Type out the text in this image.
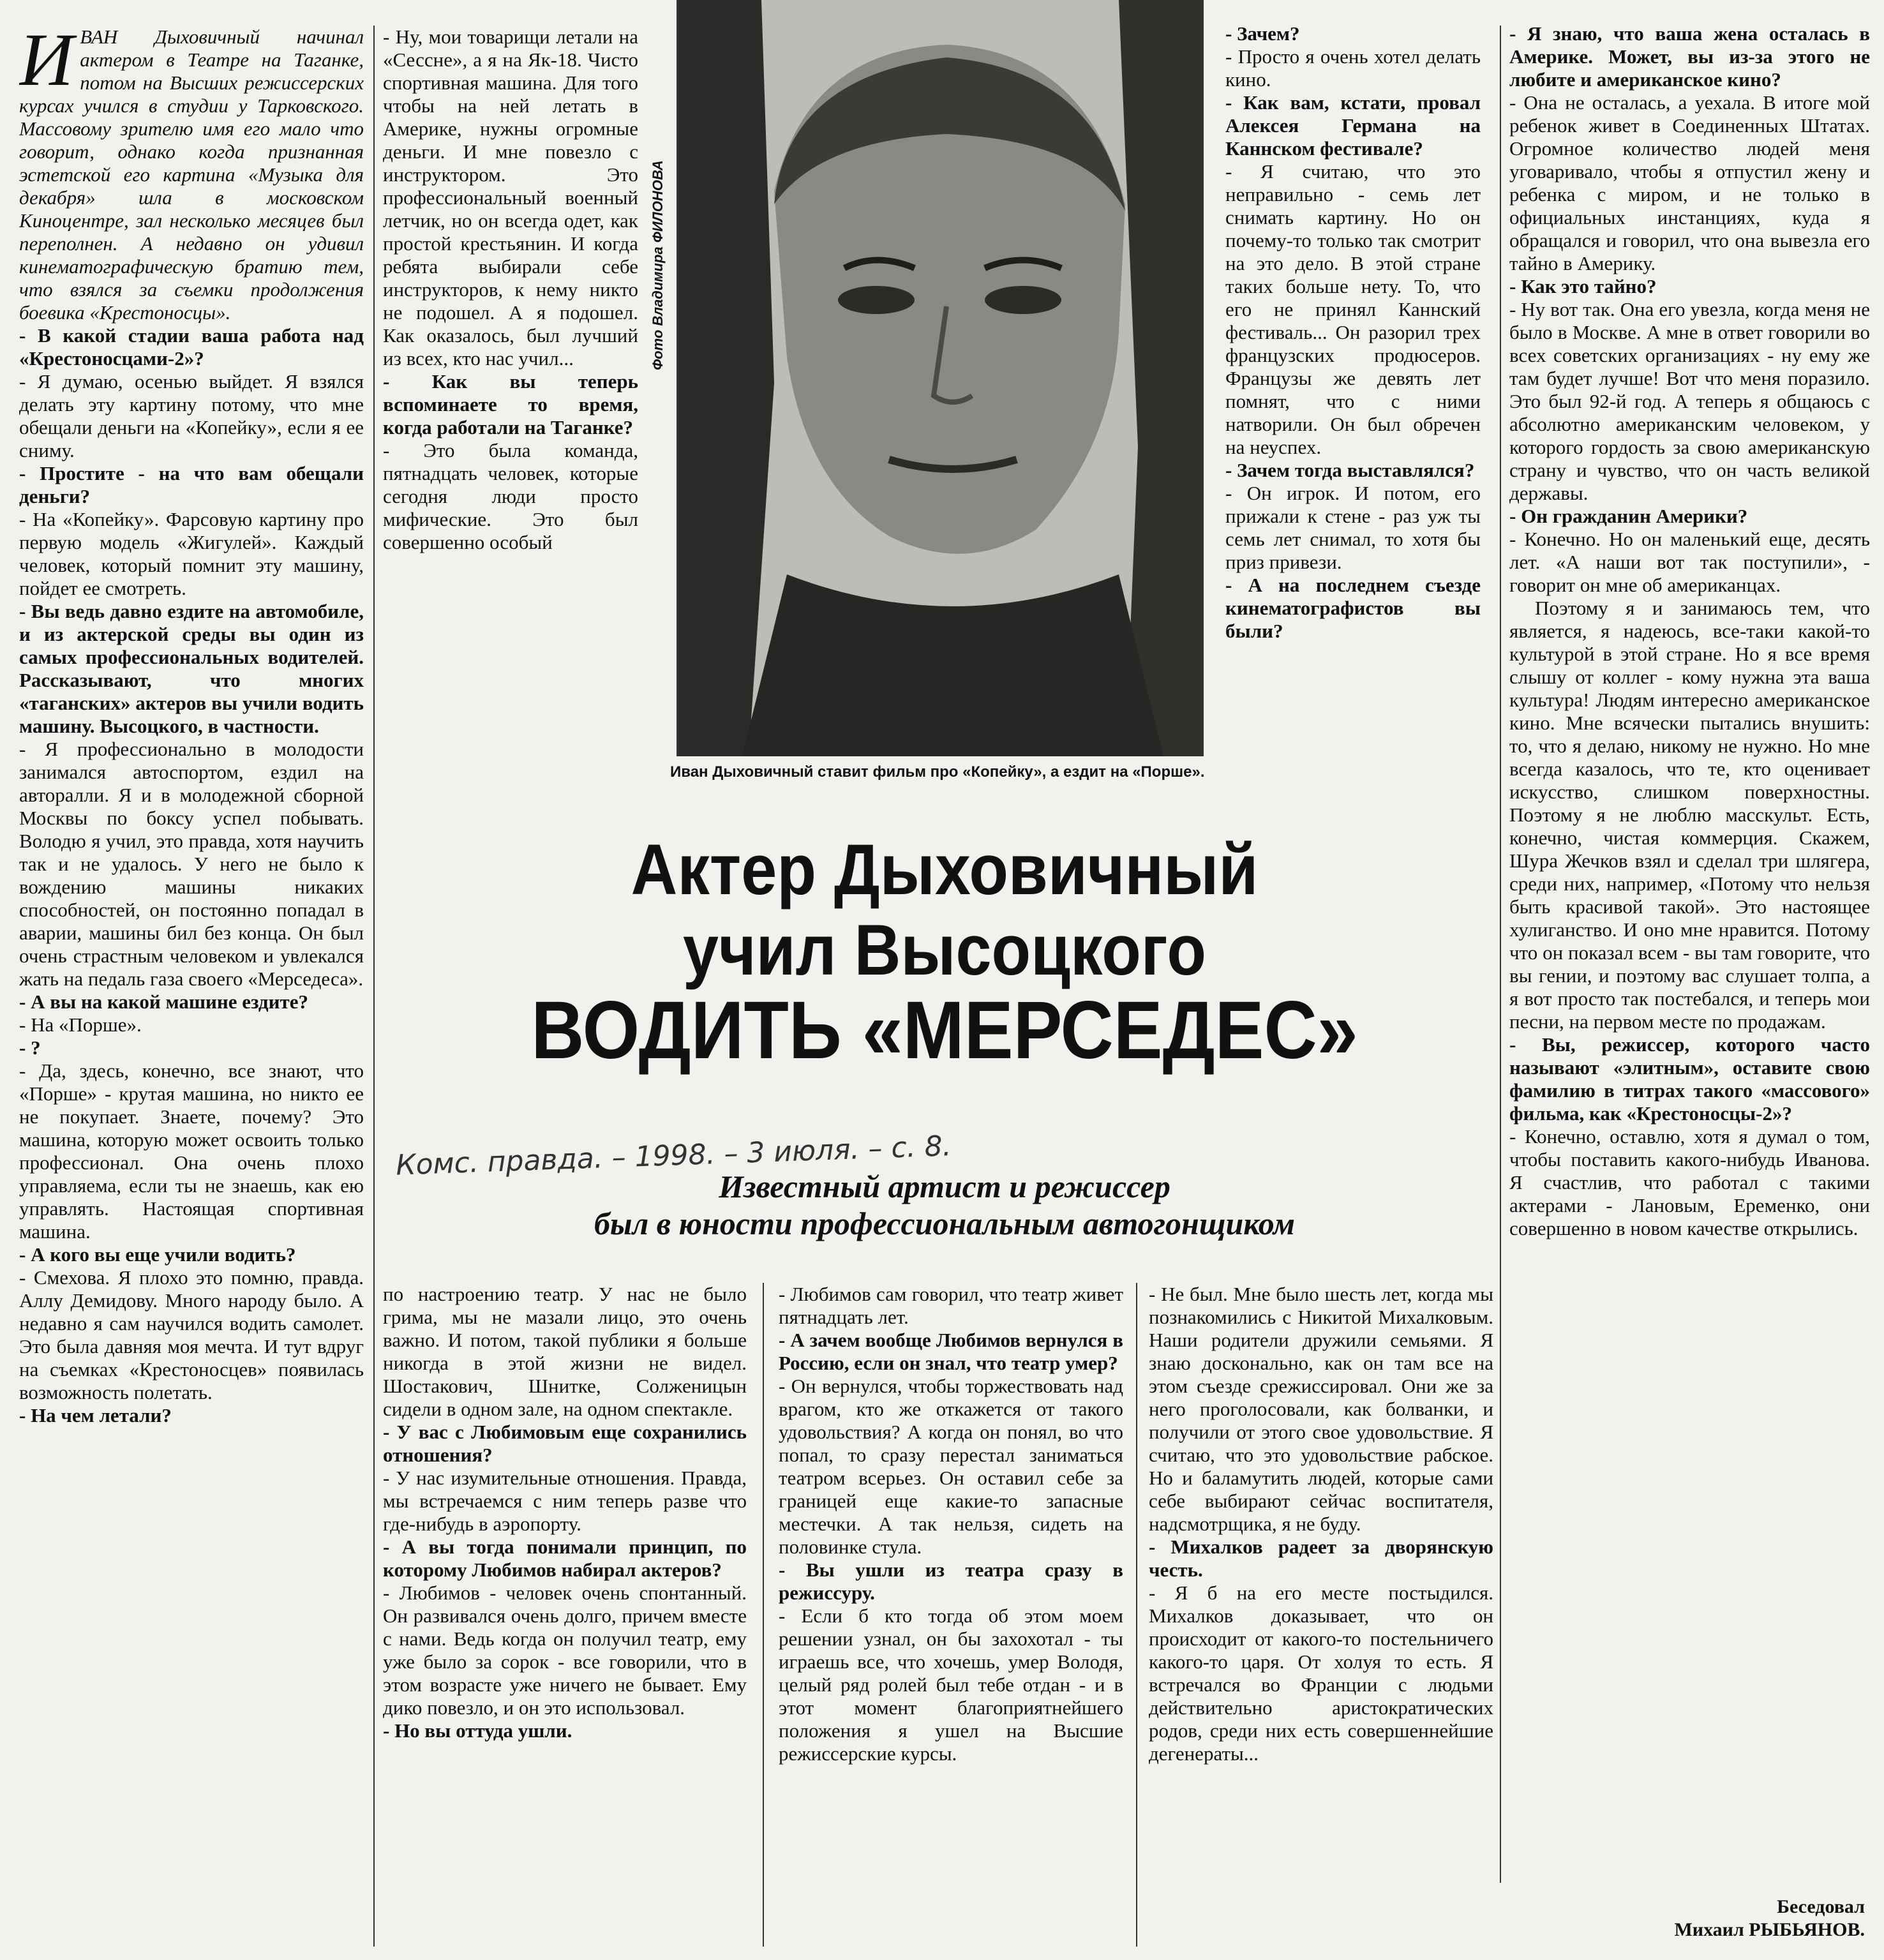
И ВАН Дыховичный начинал актером в Театре на Таганке, потом на Высших режиссерских курсах учился в студии у Тарковского. Массовому зрителю имя его мало что говорит, однако когда признанная эстетской его картина «Музыка для декабря» шла в московском Киноцентре, зал несколько месяцев был переполнен. А недавно он удивил кинематографическую братию тем, что взялся за съемки продолжения боевика «Крестоносцы».

- В какой стадии ваша работа над «Крестоносцами-2»?

- Я думаю, осенью выйдет. Я взялся делать эту картину потому, что мне обещали деньги на «Копейку», если я ее сниму.

- Простите - на что вам обещали деньги?

- На «Копейку». Фарсовую картину про первую модель «Жигулей». Каждый человек, который помнит эту машину, пойдет ее смотреть.

- Вы ведь давно ездите на автомобиле, и из актерской среды вы один из самых профессиональных водителей. Рассказывают, что многих «таганских» актеров вы учили водить машину. Высоцкого, в частности.

- Я профессионально в молодости занимался автоспортом, ездил на авторалли. Я и в молодежной сборной Москвы по боксу успел побывать. Володю я учил, это правда, хотя научить так и не удалось. У него не было к вождению машины никаких способностей, он постоянно попадал в аварии, машины бил без конца. Он был очень страстным человеком и увлекался жать на педаль газа своего «Мерседеса».

- А вы на какой машине ездите?

- На «Порше».

- ?

- Да, здесь, конечно, все знают, что «Порше» - крутая машина, но никто ее не покупает. Знаете, почему? Это машина, которую может освоить только профессионал. Она очень плохо управляема, если ты не знаешь, как ею управлять. Настоящая спортивная машина.

- А кого вы еще учили водить?

- Смехова. Я плохо это помню, правда. Аллу Демидову. Много народу было. А недавно я сам научился водить самолет. Это была давняя моя мечта. И тут вдруг на съемках «Крестоносцев» появилась возможность полетать.

- На чем летали?

- Ну, мои товарищи летали на «Сессне», а я на Як-18. Чисто спортивная машина. Для того чтобы на ней летать в Америке, нужны огромные деньги. И мне повезло с инструктором. Это профессиональный военный летчик, но он всегда одет, как простой крестьянин. И когда ребята выбирали себе инструкторов, к нему никто не подошел. А я подошел. Как оказалось, был лучший из всех, кто нас учил...

- Как вы теперь вспоминаете то время, когда работали на Таганке?

- Это была команда, пятнадцать человек, которые сегодня люди просто мифические. Это был совершенно особый

Фото Владимира ФИЛОНОВА
Иван Дыховичный ставит фильм про «Копейку», а ездит на «Порше».

- Зачем?

- Просто я очень хотел делать кино.

- Как вам, кстати, провал Алексея Германа на Каннском фестивале?

- Я считаю, что это неправильно - семь лет снимать картину. Но он почему-то только так смотрит на это дело. В этой стране таких больше нету. То, что его не принял Каннский фестиваль... Он разорил трех французских продюсеров. Французы же девять лет помнят, что с ними натворили. Он был обречен на неуспех.

- Зачем тогда выставлялся?

- Он игрок. И потом, его прижали к стене - раз уж ты семь лет снимал, то хотя бы приз привези.

- А на последнем съезде кинематографистов вы были?

- Я знаю, что ваша жена осталась в Америке. Может, вы из-за этого не любите и американское кино?

- Она не осталась, а уехала. В итоге мой ребенок живет в Соединенных Штатах. Огромное количество людей меня уговаривало, чтобы я отпустил жену и ребенка с миром, и не только в официальных инстанциях, куда я обращался и говорил, что она вывезла его тайно в Америку.

- Как это тайно?

- Ну вот так. Она его увезла, когда меня не было в Москве. А мне в ответ говорили во всех советских организациях - ну ему же там будет лучше! Вот что меня поразило. Это был 92-й год. А теперь я общаюсь с абсолютно американским человеком, у которого гордость за свою американскую страну и чувство, что он часть великой державы.

- Он гражданин Америки?

- Конечно. Но он маленький еще, десять лет. «А наши вот так поступили», - говорит он мне об американцах.

Поэтому я и занимаюсь тем, что является, я надеюсь, все-таки какой-то культурой в этой стране. Но я все время слышу от коллег - кому нужна эта ваша культура! Людям интересно американское кино. Мне всячески пытались внушить: то, что я делаю, никому не нужно. Но мне всегда казалось, что те, кто оценивает искусство, слишком поверхностны. Поэтому я не люблю масскульт. Есть, конечно, чистая коммерция. Скажем, Шура Жечков взял и сделал три шлягера, среди них, например, «Потому что нельзя быть красивой такой». Это настоящее хулиганство. И оно мне нравится. Потому что он показал всем - вы там говорите, что вы гении, и поэтому вас слушает толпа, а я вот просто так постебался, и теперь мои песни, на первом месте по продажам.

- Вы, режиссер, которого часто называют «элитным», оставите свою фамилию в титрах такого «массового» фильма, как «Крестоносцы-2»?

- Конечно, оставлю, хотя я думал о том, чтобы поставить какого-нибудь Иванова. Я счастлив, что работал с такими актерами - Лановым, Еременко, они совершенно в новом качестве открылись.

Актер Дыховичный
учил Высоцкого
ВОДИТЬ «МЕРСЕДЕС»
Комс. правда. – 1998. – 3 июля. – с. 8.
Известный артист и режиссер
был в юности профессиональным автогонщиком

по настроению театр. У нас не было грима, мы не мазали лицо, это очень важно. И потом, такой публики я больше никогда в этой жизни не видел. Шостакович, Шнитке, Солженицын сидели в одном зале, на одном спектакле.

- У вас с Любимовым еще сохранились отношения?

- У нас изумительные отношения. Правда, мы встречаемся с ним теперь разве что где-нибудь в аэропорту.

- А вы тогда понимали принцип, по которому Любимов набирал актеров?

- Любимов - человек очень спонтанный. Он развивался очень долго, причем вместе с нами. Ведь когда он получил театр, ему уже было за сорок - все говорили, что в этом возрасте уже ничего не бывает. Ему дико повезло, и он это использовал.

- Но вы оттуда ушли.

- Любимов сам говорил, что театр живет пятнадцать лет.

- А зачем вообще Любимов вернулся в Россию, если он знал, что театр умер?

- Он вернулся, чтобы торжествовать над врагом, кто же откажется от такого удовольствия? А когда он понял, во что попал, то сразу перестал заниматься театром всерьез. Он оставил себе за границей еще какие-то запасные местечки. А так нельзя, сидеть на половинке стула.

- Вы ушли из театра сразу в режиссуру.

- Если б кто тогда об этом моем решении узнал, он бы захохотал - ты играешь все, что хочешь, умер Володя, целый ряд ролей был тебе отдан - и в этот момент благоприятнейшего положения я ушел на Высшие режиссерские курсы.

- Не был. Мне было шесть лет, когда мы познакомились с Никитой Михалковым. Наши родители дружили семьями. Я знаю досконально, как он там все на этом съезде срежиссировал. Они же за него проголосовали, как болванки, и получили от этого свое удовольствие. Я считаю, что это удовольствие рабское. Но и баламутить людей, которые сами себе выбирают сейчас воспитателя, надсмотрщика, я не буду.

- Михалков радеет за дворянскую честь.

- Я б на его месте постыдился. Михалков доказывает, что он происходит от какого-то постельничего какого-то царя. От холуя то есть. Я встречался во Франции с людьми действительно аристократических родов, среди них есть совершеннейшие дегенераты...

Беседовал
Михаил РЫБЬЯНОВ.
